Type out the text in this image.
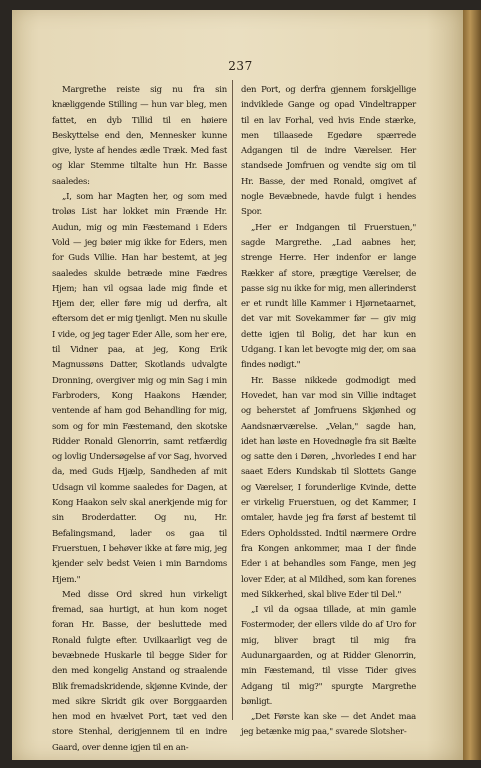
237

Margrethe reiste sig nu fra sin knæliggende Stilling — hun var bleg, men fattet, en dyb Tillid til en høiere Beskyttelse end den, Mennesker kunne give, lyste af hendes ædle Træk. Med fast og klar Stemme tiltalte hun Hr. Basse saaledes:

„I, som har Magten her, og som med troløs List har lokket min Frænde Hr. Audun, mig og min Fæstemand i Eders Vold — jeg bøier mig ikke for Eders, men for Guds Villie. Han har bestemt, at jeg saaledes skulde betræde mine Fædres Hjem; han vil ogsaa lade mig finde et Hjem der, eller føre mig ud derfra, alt eftersom det er mig tjenligt. Men nu skulle I vide, og jeg tager Eder Alle, som her ere, til Vidner paa, at jeg, Kong Erik Magnussøns Datter, Skotlands udvalgte Dronning, overgiver mig og min Sag i min Farbroders, Kong Haakons Hænder, ventende af ham god Behandling for mig, som og for min Fæstemand, den skotske Ridder Ronald Glenorrin, samt retfærdig og lovlig Undersøgelse af vor Sag, hvorved da, med Guds Hjælp, Sandheden af mit Udsagn vil komme saaledes for Dagen, at Kong Haakon selv skal anerkjende mig for sin Broderdatter. Og nu, Hr. Befalingsmand, lader os gaa til Fruerstuen, I behøver ikke at føre mig, jeg kjender selv bedst Veien i min Barndoms Hjem."

Med disse Ord skred hun virkeligt fremad, saa hurtigt, at hun kom noget foran Hr. Basse, der besluttede med Ronald fulgte efter. Uvilkaarligt veg de bevæbnede Huskarle til begge Sider for den med kongelig Anstand og straalende Blik fremadskridende, skjønne Kvinde, der med sikre Skridt gik over Borggaarden hen mod en hvælvet Port, tæt ved den store Stenhal, derigjennem til en indre Gaard, over denne igjen til en an-

den Port, og derfra gjennem forskjellige indviklede Gange og opad Vindeltrapper til en lav Forhal, ved hvis Ende stærke, men tillaasede Egedøre spærrede Adgangen til de indre Værelser. Her standsede Jomfruen og vendte sig om til Hr. Basse, der med Ronald, omgivet af nogle Bevæbnede, havde fulgt i hendes Spor.

„Her er Indgangen til Fruerstuen," sagde Margrethe. „Lad aabnes her, strenge Herre. Her indenfor er lange Rækker af store, prægtige Værelser, de passe sig nu ikke for mig, men allerinderst er et rundt lille Kammer i Hjørnetaarnet, det var mit Sovekammer før — giv mig dette igjen til Bolig, det har kun en Udgang. I kan let bevogte mig der, om saa findes nødigt."

Hr. Basse nikkede godmodigt med Hovedet, han var mod sin Villie indtaget og beherstet af Jomfruens Skjønhed og Aandsnærværelse. „Velan," sagde han, idet han løste en Hovednøgle fra sit Bælte og satte den i Døren, „hvorledes I end har saaet Eders Kundskab til Slottets Gange og Værelser, I forunderlige Kvinde, dette er virkelig Fruerstuen, og det Kammer, I omtaler, havde jeg fra først af bestemt til Eders Opholdssted. Indtil nærmere Ordre fra Kongen ankommer, maa I der finde Eder i at behandles som Fange, men jeg lover Eder, at al Mildhed, som kan forenes med Sikkerhed, skal blive Eder til Del."

„I vil da ogsaa tillade, at min gamle Fostermoder, der ellers vilde do af Uro for mig, bliver bragt til mig fra Audunargaarden, og at Ridder Glenorrin, min Fæstemand, til visse Tider gives Adgang til mig?" spurgte Margrethe bønligt.

„Det Første kan ske — det Andet maa jeg betænke mig paa," svarede Slotsher-
